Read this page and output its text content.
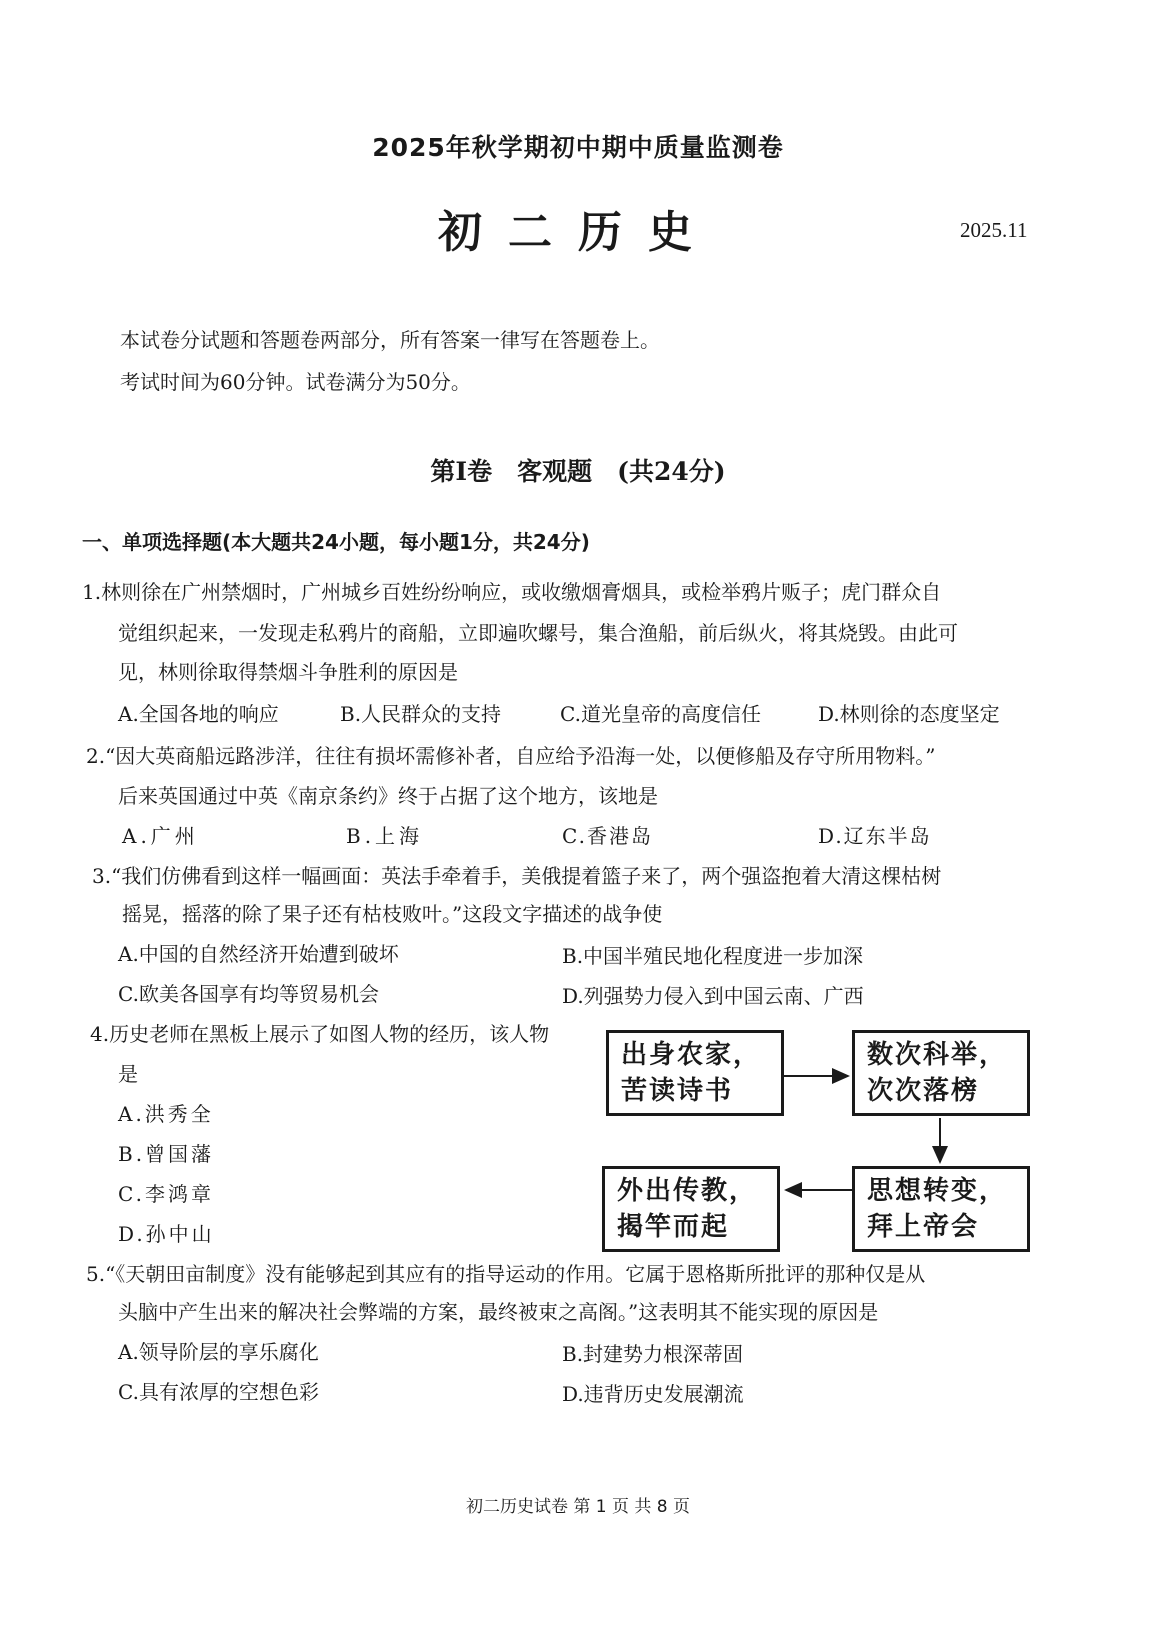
2025年秋学期初中期中质量监测卷
初二历史	2025.11
本试卷分试题和答题卷两部分，所有答案一律写在答题卷上。
考试时间为60分钟。试卷满分为50分。
第Ⅰ卷　客观题　(共24分)
一、单项选择题(本大题共24小题，每小题1分，共24分)
1.林则徐在广州禁烟时，广州城乡百姓纷纷响应，或收缴烟膏烟具，或检举鸦片贩子；虎门群众自
觉组织起来，一发现走私鸦片的商船，立即遍吹螺号，集合渔船，前后纵火，将其烧毁。由此可
见，林则徐取得禁烟斗争胜利的原因是
A.全国各地的响应	B.人民群众的支持	C.道光皇帝的高度信任	D.林则徐的态度坚定
2.“因大英商船远路涉洋，往往有损坏需修补者，自应给予沿海一处，以便修船及存守所用物料。”
后来英国通过中英《南京条约》终于占据了这个地方，该地是
A.广州	B.上海	C.香港岛	D.辽东半岛
3.“我们仿佛看到这样一幅画面：英法手牵着手，美俄提着篮子来了，两个强盗抱着大清这棵枯树
摇晃，摇落的除了果子还有枯枝败叶。”这段文字描述的战争使
A.中国的自然经济开始遭到破坏	B.中国半殖民地化程度进一步加深
C.欧美各国享有均等贸易机会	D.列强势力侵入到中国云南、广西
4.历史老师在黑板上展示了如图人物的经历，该人物
是
A.洪秀全
B.曾国藩
C.李鸿章
D.孙中山
出身农家，
苦读诗书
数次科举，
次次落榜
思想转变，
拜上帝会
外出传教，
揭竿而起
5.“《天朝田亩制度》没有能够起到其应有的指导运动的作用。它属于恩格斯所批评的那种仅是从
头脑中产生出来的解决社会弊端的方案，最终被束之高阁。”这表明其不能实现的原因是
A.领导阶层的享乐腐化	B.封建势力根深蒂固
C.具有浓厚的空想色彩	D.违背历史发展潮流
初二历史试卷 第 1 页 共 8 页
